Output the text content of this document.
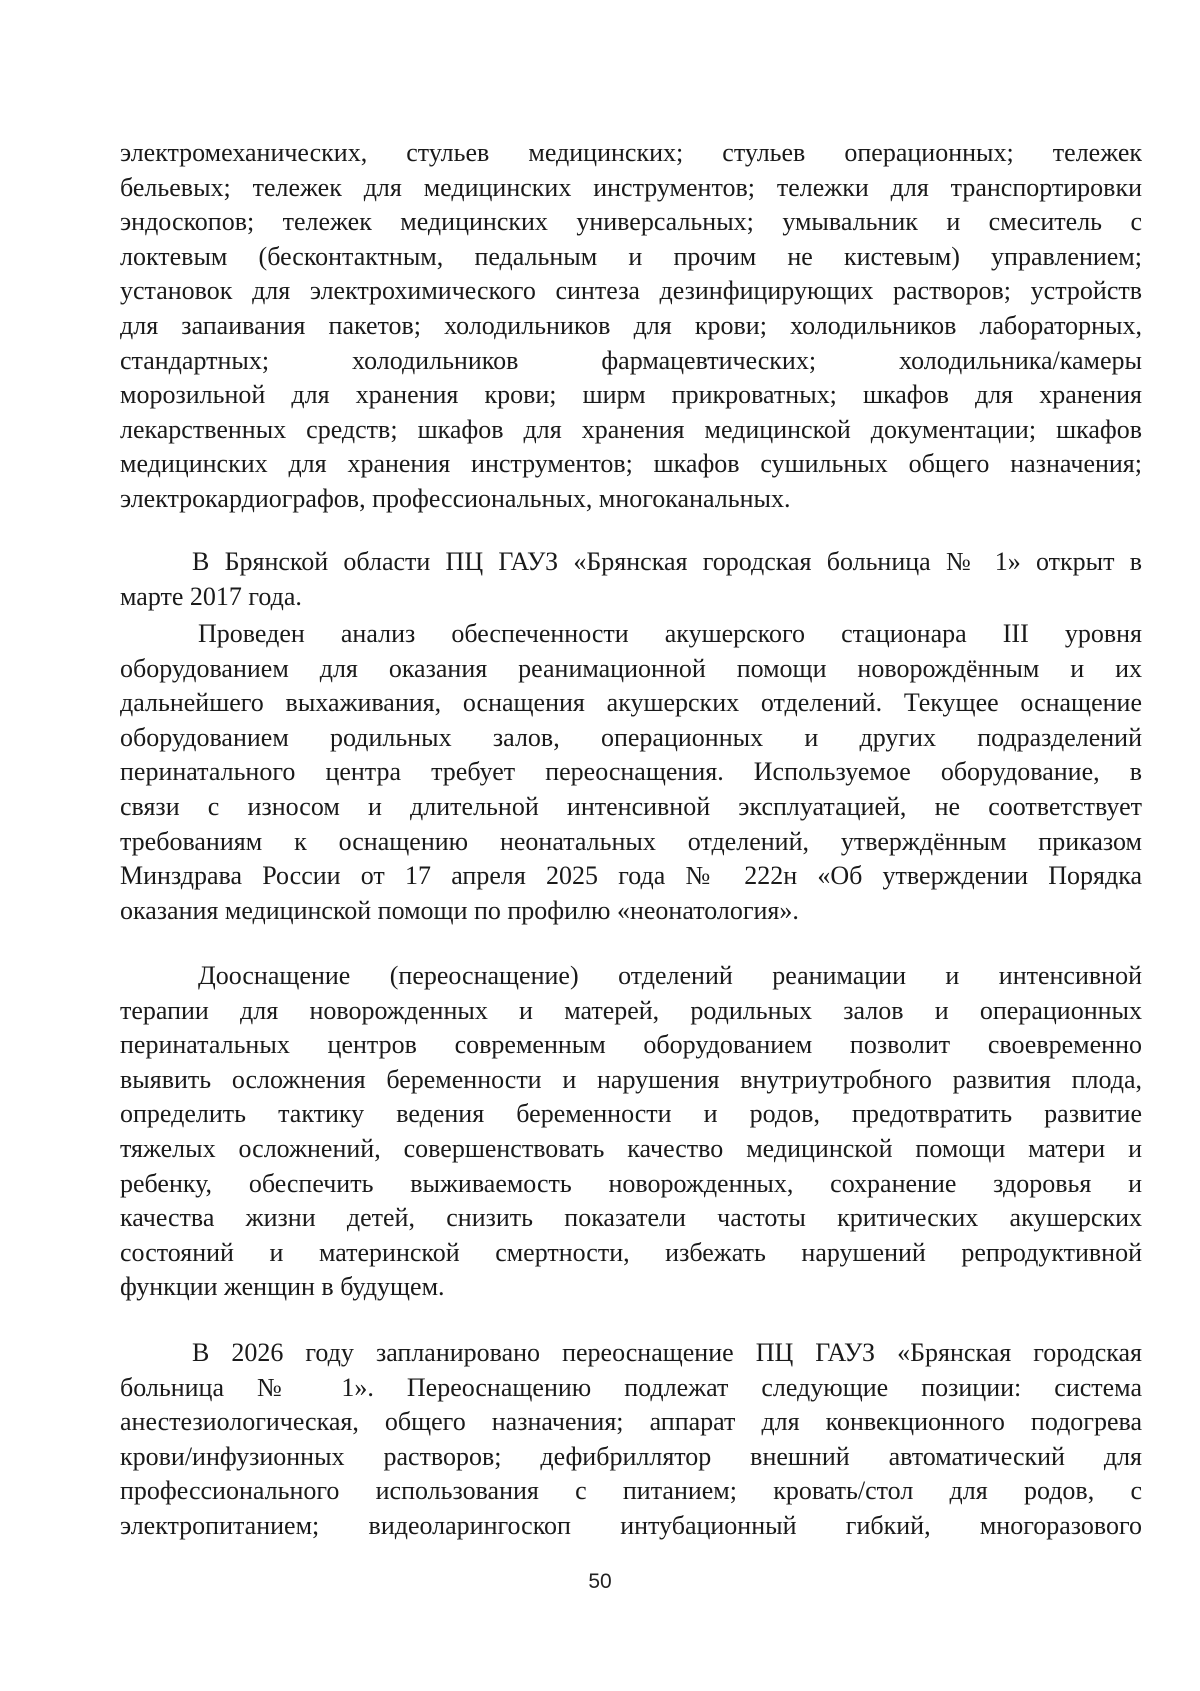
электромеханических, стульев медицинских; стульев операционных; тележек
бельевых; тележек для медицинских инструментов; тележки для транспортировки
эндоскопов; тележек медицинских универсальных; умывальник и смеситель с
локтевым (бесконтактным, педальным и прочим не кистевым) управлением;
установок для электрохимического синтеза дезинфицирующих растворов; устройств
для запаивания пакетов; холодильников для крови; холодильников лабораторных,
стандартных; холодильников фармацевтических; холодильника/камеры
морозильной для хранения крови; ширм прикроватных; шкафов для хранения
лекарственных средств; шкафов для хранения медицинской документации; шкафов
медицинских для хранения инструментов; шкафов сушильных общего назначения;
электрокардиографов, профессиональных, многоканальных.
В Брянской области ПЦ ГАУЗ «Брянская городская больница № 1» открыт в
марте 2017 года.
Проведен анализ обеспеченности акушерского стационара III уровня
оборудованием для оказания реанимационной помощи новорождённым и их
дальнейшего выхаживания, оснащения акушерских отделений. Текущее оснащение
оборудованием родильных залов, операционных и других подразделений
перинатального центра требует переоснащения. Используемое оборудование, в
связи с износом и длительной интенсивной эксплуатацией, не соответствует
требованиям к оснащению неонатальных отделений, утверждённым приказом
Минздрава России от 17 апреля 2025 года № 222н «Об утверждении Порядка
оказания медицинской помощи по профилю «неонатология».
Дооснащение (переоснащение) отделений реанимации и интенсивной
терапии для новорожденных и матерей, родильных залов и операционных
перинатальных центров современным оборудованием позволит своевременно
выявить осложнения беременности и нарушения внутриутробного развития плода,
определить тактику ведения беременности и родов, предотвратить развитие
тяжелых осложнений, совершенствовать качество медицинской помощи матери и
ребенку, обеспечить выживаемость новорожденных, сохранение здоровья и
качества жизни детей, снизить показатели частоты критических акушерских
состояний и материнской смертности, избежать нарушений репродуктивной
функции женщин в будущем.
В 2026 году запланировано переоснащение ПЦ ГАУЗ «Брянская городская
больница № 1». Переоснащению подлежат следующие позиции: система
анестезиологическая, общего назначения; аппарат для конвекционного подогрева
крови/инфузионных растворов; дефибриллятор внешний автоматический для
профессионального использования с питанием; кровать/стол для родов, с
электропитанием; видеоларингоскоп интубационный гибкий, многоразового
50
